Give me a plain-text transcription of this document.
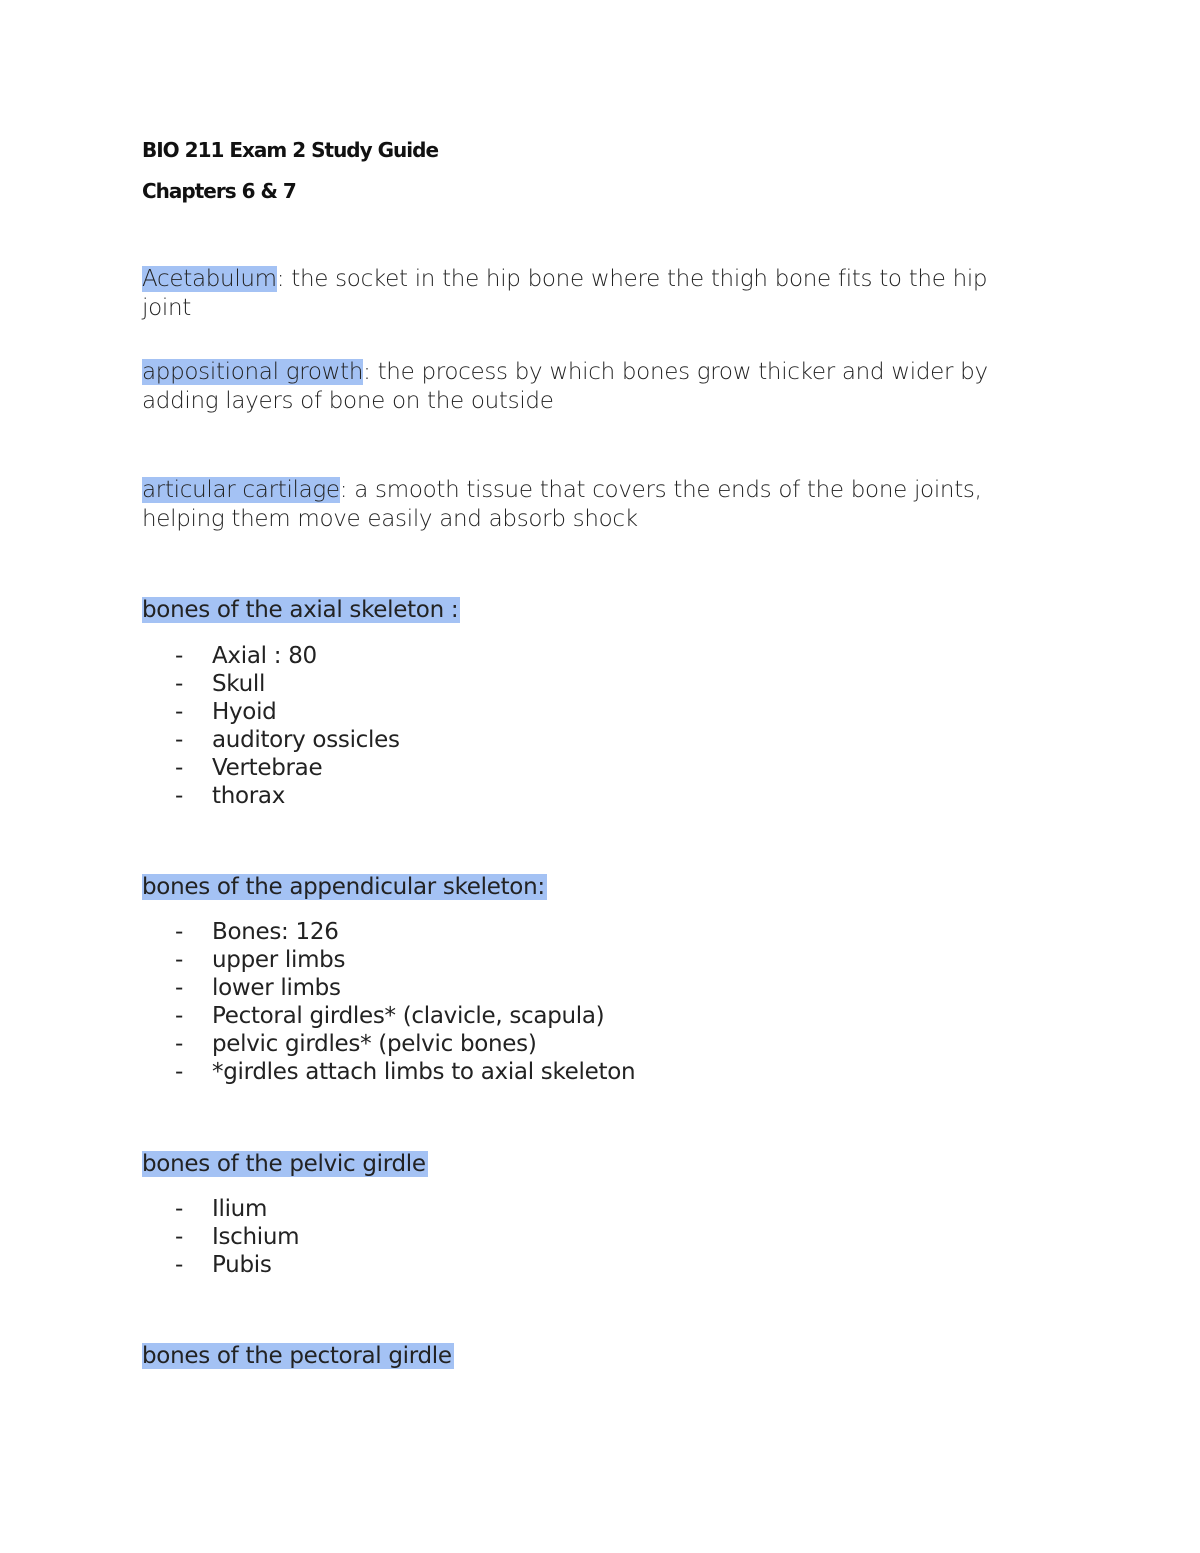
BIO 211 Exam 2 Study Guide

Chapters 6 & 7

Acetabulum: the socket in the hip bone where the thigh bone fits to the hip joint
appositional growth: the process by which bones grow thicker and wider by adding layers of bone on the outside
articular cartilage: a smooth tissue that covers the ends of the bone joints, helping them move easily and absorb shock
bones of the axial skeleton :
- Axial : 80
- Skull
- Hyoid
- auditory ossicles
- Vertebrae
- thorax
bones of the appendicular skeleton:
- Bones: 126
- upper limbs
- lower limbs
- Pectoral girdles* (clavicle, scapula)
- pelvic girdles* (pelvic bones)
- *girdles attach limbs to axial skeleton
bones of the pelvic girdle
- Ilium
- Ischium
- Pubis
bones of the pectoral girdle
